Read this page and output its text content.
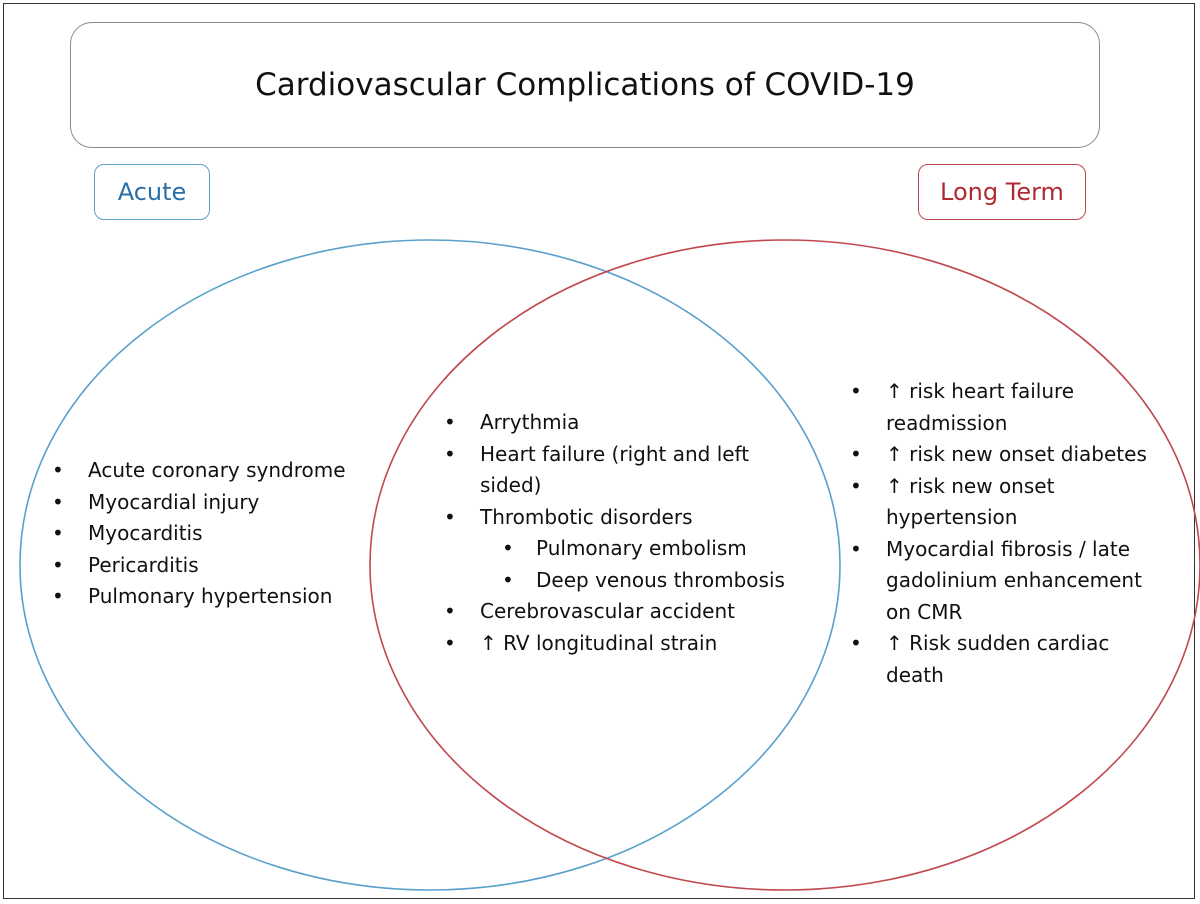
Cardiovascular Complications of COVID-19
Acute	Long Term
• Acute coronary syndrome
• Myocardial injury
• Myocarditis
• Pericarditis
• Pulmonary hypertension
• Arrythmia
• Heart failure (right and left sided)
• Thrombotic disorders
• Pulmonary embolism
• Deep venous thrombosis
• Cerebrovascular accident
• ↑ RV longitudinal strain
• ↑ risk heart failure readmission
• ↑ risk new onset diabetes
• ↑ risk new onset hypertension
• Myocardial fibrosis / late gadolinium enhancement on CMR
• ↑ Risk sudden cardiac death
